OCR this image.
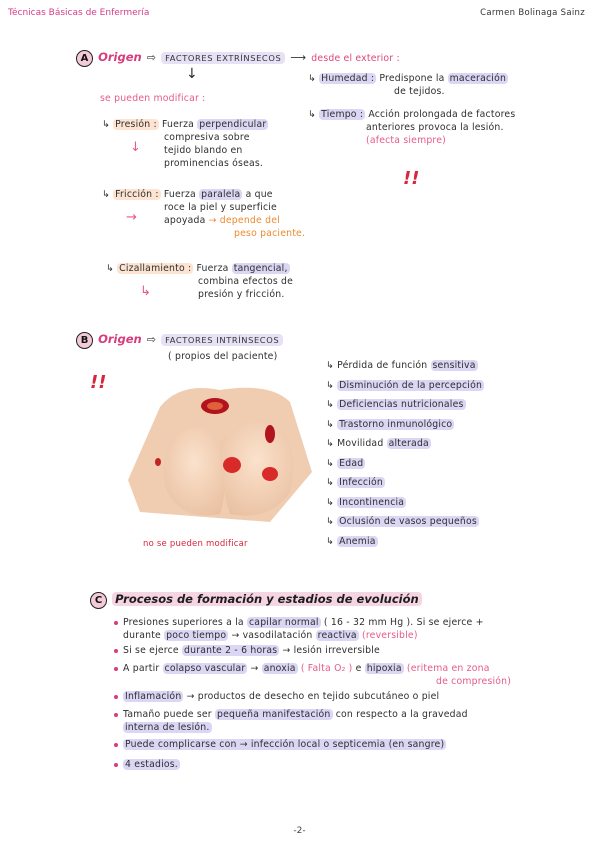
Técnicas Básicas de Enfermería	Carmen Bolinaga Sainz
A Origen ⇨ FACTORES EXTRÍNSECOS ⟶ desde el exterior :
↓
se pueden modificar :
↳ Humedad : Predispone la maceración
de tejidos.
↳ Tiempo : Acción prolongada de factores
anteriores provoca la lesión.
(afecta siempre)
!!
↳ Presión : Fuerza perpendicular
compresiva sobre
tejido blando en
prominencias óseas.
↓
↳ Fricción : Fuerza paralela a que
roce la piel y superficie
apoyada → depende del
peso paciente.
→
↳ Cizallamiento : Fuerza tangencial,
combina efectos de
presión y fricción.
↳
B Origen ⇨ FACTORES INTRÍNSECOS
( propios del paciente)
!!
no se pueden modificar
↳ Pérdida de función sensitiva
↳ Disminución de la percepción
↳ Deficiencias nutricionales
↳ Trastorno inmunológico
↳ Movilidad alterada
↳ Edad
↳ Infección
↳ Incontinencia
↳ Oclusión de vasos pequeños
↳ Anemia
C Procesos de formación y estadios de evolución
Presiones superiores a la capilar normal ( 16 - 32 mm Hg ). Si se ejerce +
durante poco tiempo → vasodilatación reactiva (reversible)
Si se ejerce durante 2 - 6 horas → lesión irreversible
A partir colapso vascular → anoxia ( Falta O₂ ) e hipoxia (eritema en zona
de compresión)
Inflamación → productos de desecho en tejido subcutáneo o piel
Tamaño puede ser pequeña manifestación con respecto a la gravedad
interna de lesión.
Puede complicarse con → infección local o septicemia (en sangre)
4 estadios.
-2-
